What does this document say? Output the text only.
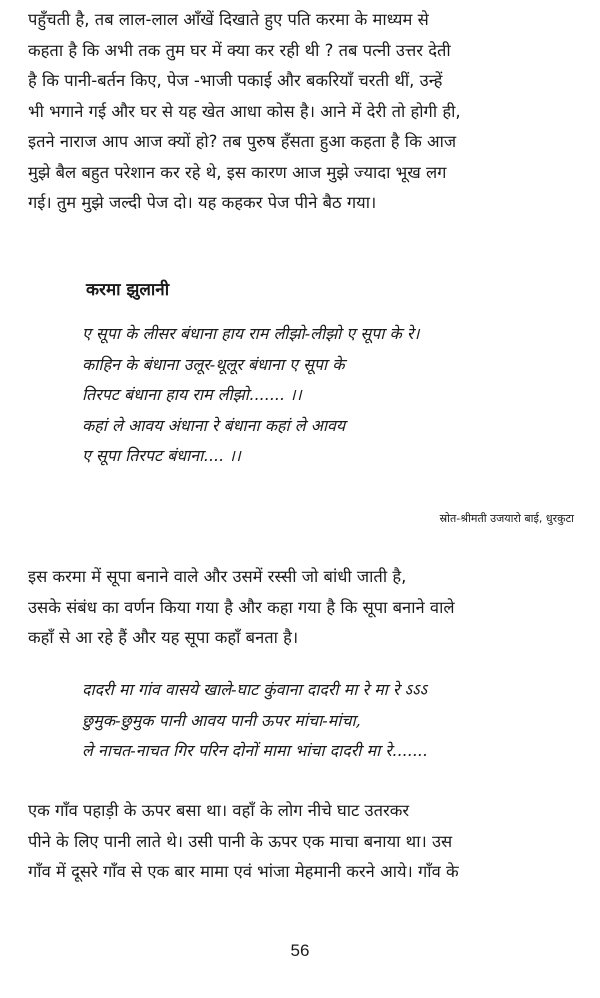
पहुँचती है, तब लाल-लाल आँखें दिखाते हुए पति करमा के माध्यम से
कहता है कि अभी तक तुम घर में क्या कर रही थी ? तब पत्नी उत्तर देती
है कि पानी-बर्तन किए, पेज -भाजी पकाई और बकरियाँ चरती थीं, उन्हें
भी भगाने गई और घर से यह खेत आधा कोस है। आने में देरी तो होगी ही,
इतने नाराज आप आज क्यों हो? तब पुरुष हँसता हुआ कहता है कि आज
मुझे बैल बहुत परेशान कर रहे थे, इस कारण आज मुझे ज्यादा भूख लग
गई। तुम मुझे जल्दी पेज दो। यह कहकर पेज पीने बैठ गया।
करमा झुलानी
ए सूपा के लीसर बंधाना हाय राम लीझो-लीझो ए सूपा के रे।
काहिन के बंधाना उलूर-थूलूर बंधाना ए सूपा के
तिरपट बंधाना हाय राम लीझो....... ।।
कहां ले आवय अंधाना रे बंधाना कहां ले आवय
ए सूपा तिरपट बंधाना.... ।।
स्रोत-श्रीमती उजयारो बाई, धुरकुटा
इस करमा में सूपा बनाने वाले और उसमें रस्सी जो बांधी जाती है,
उसके संबंध का वर्णन किया गया है और कहा गया है कि सूपा बनाने वाले
कहाँ से आ रहे हैं और यह सूपा कहाँ बनता है।
दादरी मा गांव वासये खाले-घाट कुंवाना दादरी मा रे मा रे ऽऽऽ
छुमुक-छुमुक पानी आवय पानी ऊपर मांचा-मांचा,
ले नाचत-नाचत गिर परिन दोनों मामा भांचा दादरी मा रे.......
एक गाँव पहाड़ी के ऊपर बसा था। वहाँ के लोग नीचे घाट उतरकर
पीने के लिए पानी लाते थे। उसी पानी के ऊपर एक माचा बनाया था। उस
गाँव में दूसरे गाँव से एक बार मामा एवं भांजा मेहमानी करने आये। गाँव के
56
